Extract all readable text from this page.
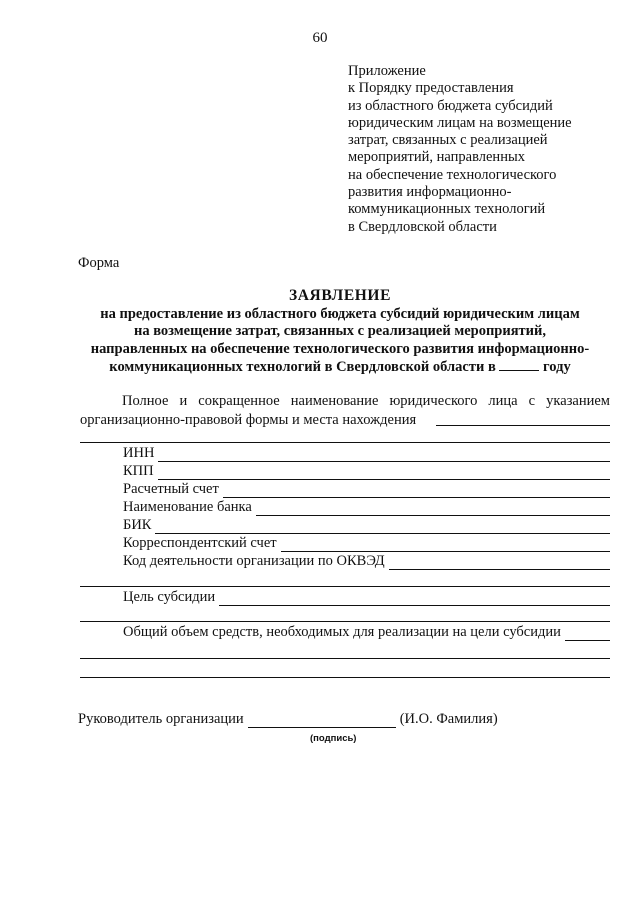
60
Приложение
к Порядку предоставления
из областного бюджета субсидий
юридическим лицам на возмещение
затрат, связанных с реализацией
мероприятий, направленных
на обеспечение технологического
развития информационно-
коммуникационных технологий
в Свердловской области
Форма
ЗАЯВЛЕНИЕ
на предоставление из областного бюджета субсидий юридическим лицам
на возмещение затрат, связанных с реализацией мероприятий,
направленных на обеспечение технологического развития информационно-
коммуникационных технологий в Свердловской области в	году
Полное и сокращенное наименование юридического лица с указанием организационно-правовой формы и места нахождения
ИНН
КПП
Расчетный счет
Наименование банка
БИК
Корреспондентский счет
Код деятельности организации по ОКВЭД
Цель субсидии
Общий объем средств, необходимых для реализации на цели субсидии
Руководитель организации	(И.О. Фамилия)
(подпись)
